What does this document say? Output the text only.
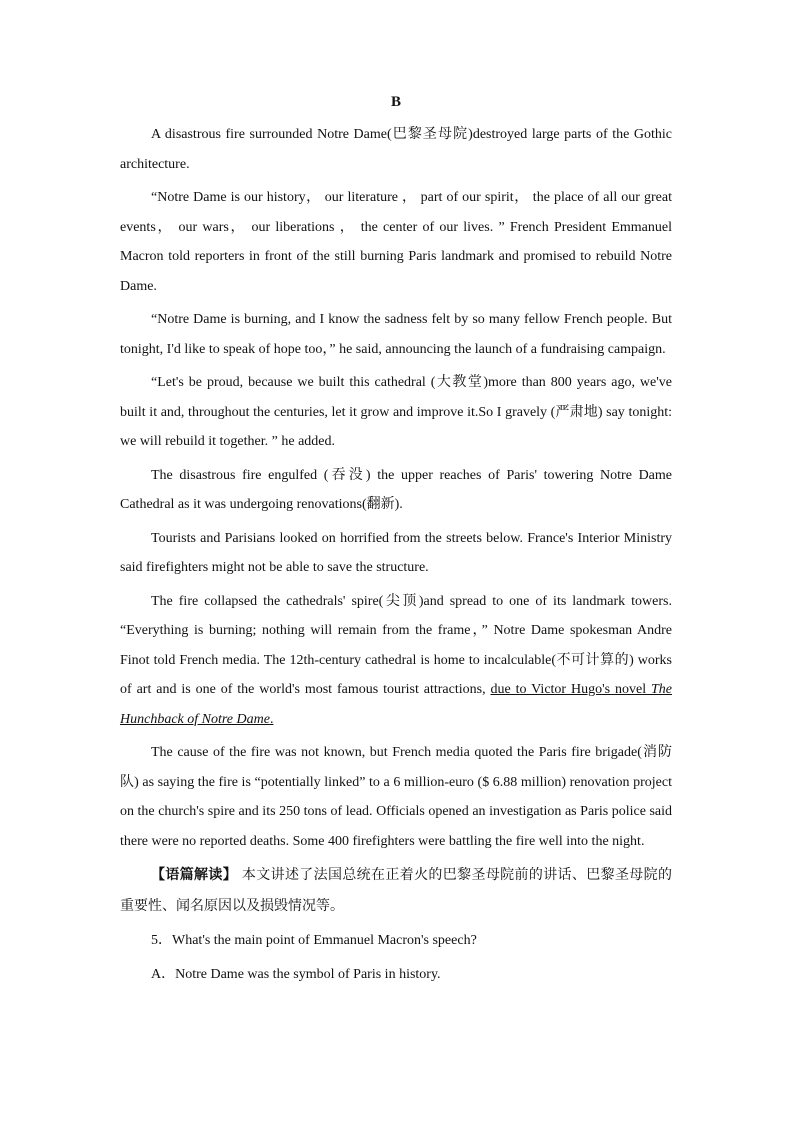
B

A disastrous fire surrounded Notre Dame(巴黎圣母院)destroyed large parts of the Gothic architecture.

“Notre Dame is our history， our literature ， part of our spirit， the place of all our great events， our wars， our liberations ， the center of our lives. ” French President Emmanuel Macron told reporters in front of the still burning Paris landmark and promised to rebuild Notre Dame.

“Notre Dame is burning, and I know the sadness felt by so many fellow French people. But tonight, I'd like to speak of hope too，” he said, announcing the launch of a fundraising campaign.

“Let's be proud, because we built this cathedral (大教堂)more than 800 years ago, we've built it and, throughout the centuries, let it grow and improve it.So I gravely (严肃地) say tonight: we will rebuild it together. ” he added.

The disastrous fire engulfed (吞没) the upper reaches of Paris' towering Notre Dame Cathedral as it was undergoing renovations(翻新).

Tourists and Parisians looked on horrified from the streets below. France's Interior Ministry said firefighters might not be able to save the structure.

The fire collapsed the cathedrals' spire(尖顶)and spread to one of its landmark towers. “Everything is burning; nothing will remain from the frame，” Notre Dame spokesman Andre Finot told French media. The 12th-century cathedral is home to incalculable(不可计算的) works of art and is one of the world's most famous tourist attractions, due to Victor Hugo's novel The Hunchback of Notre Dame.

The cause of the fire was not known, but French media quoted the Paris fire brigade(消防队) as saying the fire is “potentially linked” to a 6 million-euro ($ 6.88 million) renovation project on the church's spire and its 250 tons of lead. Officials opened an investigation as Paris police said there were no reported deaths. Some 400 firefighters were battling the fire well into the night.

【语篇解读】 本文讲述了法国总统在正着火的巴黎圣母院前的讲话、巴黎圣母院的重要性、闻名原因以及损毁情况等。

5．What's the main point of Emmanuel Macron's speech?

A．Notre Dame was the symbol of Paris in history.
